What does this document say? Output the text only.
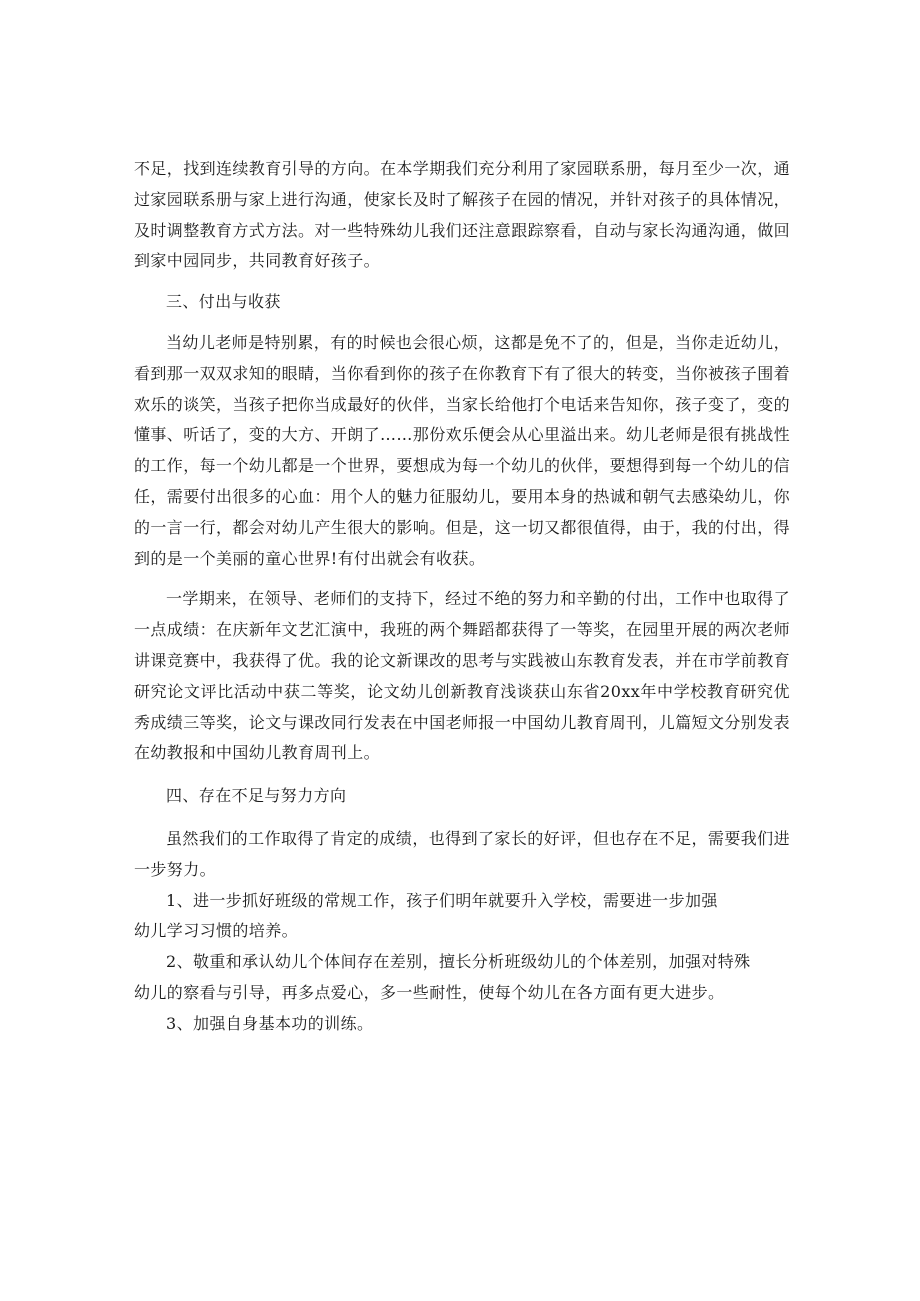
不足，找到连续教育引导的方向。在本学期我们充分利用了家园联系册，每月至少一次，通过家园联系册与家上进行沟通，使家长及时了解孩子在园的情况，并针对孩子的具体情况，及时调整教育方式方法。对一些特殊幼儿我们还注意跟踪察看，自动与家长沟通沟通，做回到家中园同步，共同教育好孩子。

三、付出与收获

当幼儿老师是特别累，有的时候也会很心烦，这都是免不了的，但是，当你走近幼儿，看到那一双双求知的眼睛，当你看到你的孩子在你教育下有了很大的转变，当你被孩子围着欢乐的谈笑，当孩子把你当成最好的伙伴，当家长给他打个电话来告知你，孩子变了，变的懂事、听话了，变的大方、开朗了……那份欢乐便会从心里溢出来。幼儿老师是很有挑战性的工作，每一个幼儿都是一个世界，要想成为每一个幼儿的伙伴，要想得到每一个幼儿的信任，需要付出很多的心血：用个人的魅力征服幼儿，要用本身的热诚和朝气去感染幼儿，你的一言一行，都会对幼儿产生很大的影响。但是，这一切又都很值得，由于，我的付出，得到的是一个美丽的童心世界!有付出就会有收获。

一学期来，在领导、老师们的支持下，经过不绝的努力和辛勤的付出，工作中也取得了一点成绩：在庆新年文艺汇演中，我班的两个舞蹈都获得了一等奖，在园里开展的两次老师讲课竞赛中，我获得了优。我的论文新课改的思考与实践被山东教育发表，并在市学前教育研究论文评比活动中获二等奖，论文幼儿创新教育浅谈获山东省20xx年中学校教育研究优秀成绩三等奖，论文与课改同行发表在中国老师报一中国幼儿教育周刊，儿篇短文分别发表在幼教报和中国幼儿教育周刊上。

四、存在不足与努力方向

虽然我们的工作取得了肯定的成绩，也得到了家长的好评，但也存在不足，需要我们进一步努力。

1、进一步抓好班级的常规工作，孩子们明年就要升入学校，需要进一步加强
幼儿学习习惯的培养。
2、敬重和承认幼儿个体间存在差别，擅长分析班级幼儿的个体差别，加强对特殊
幼儿的察看与引导，再多点爱心，多一些耐性，使每个幼儿在各方面有更大进步。
3、加强自身基本功的训练。
